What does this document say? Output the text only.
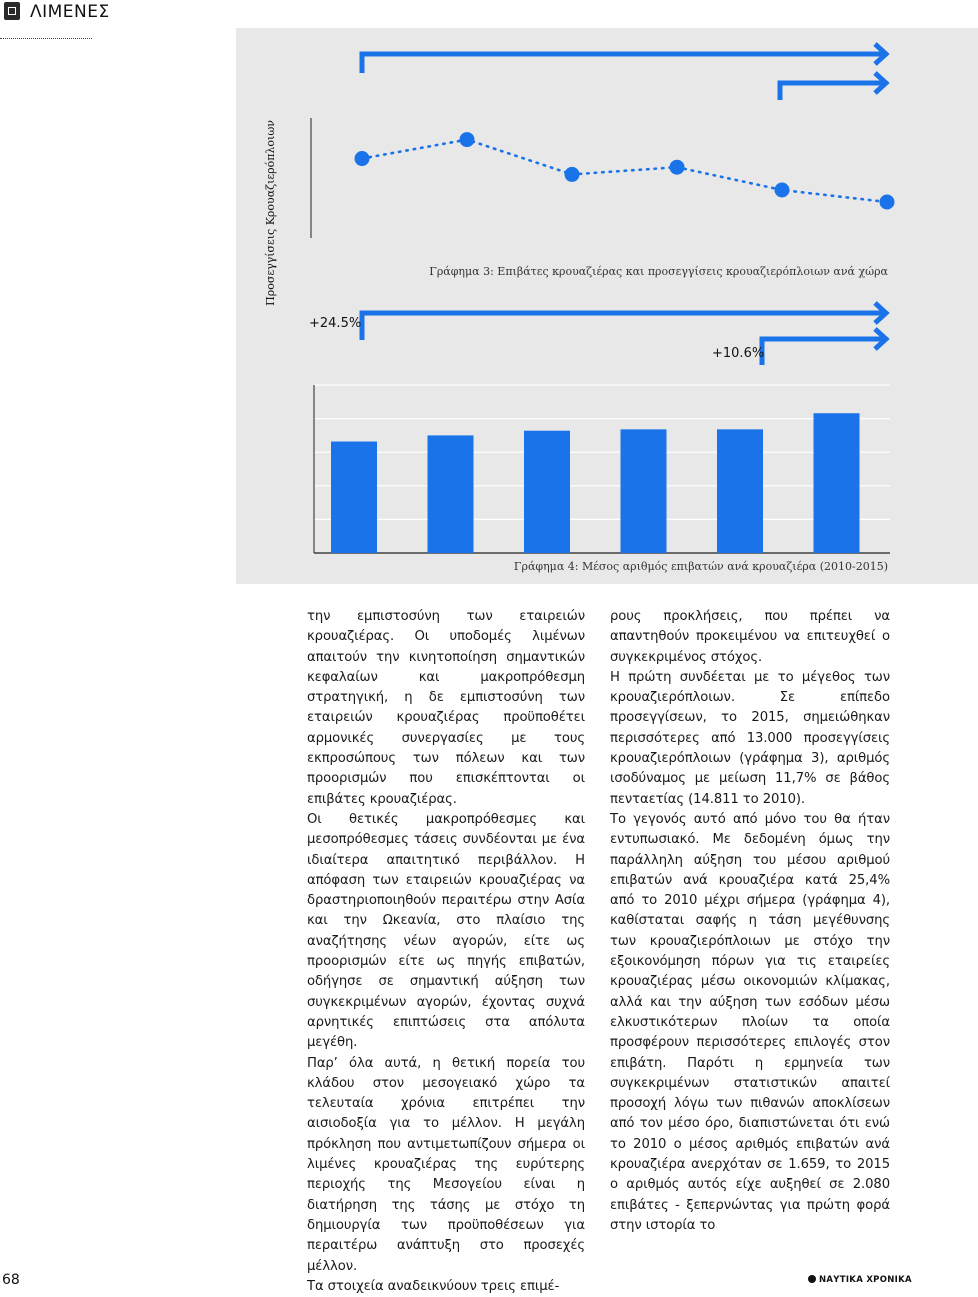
ΛΙΜΕΝΕΣ
Προσεγγίσεις Κρουαζιερόπλοιων	Γράφημα 3: Επιβάτες κρουαζιέρας και προσεγγίσεις κρουαζιερόπλοιων ανά χώρα
Γράφημα 4: Μέσος αριθμός επιβατών ανά κρουαζιέρα (2010-2015)
+24.5%
+10.6%

την εμπιστοσύνη των εταιρειών κρουαζιέρας. Οι υποδομές λιμένων απαιτούν την κινητοποίηση σημαντικών κεφαλαίων και μακροπρόθεσμη στρατηγική, η δε εμπιστοσύνη των εταιρειών κρουαζιέρας προϋποθέτει αρμονικές συνεργασίες με τους εκπροσώπους των πόλεων και των προορισμών που επισκέπτονται οι επιβάτες κρουαζιέρας.

Οι θετικές μακροπρόθεσμες και μεσοπρόθεσμες τάσεις συνδέονται με ένα ιδιαίτερα απαιτητικό περιβάλλον. Η απόφαση των εταιρειών κρουαζιέρας να δραστηριοποιηθούν περαιτέρω στην Ασία και την Ωκεανία, στο πλαίσιο της αναζήτησης νέων αγορών, είτε ως προορισμών είτε ως πηγής επιβατών, οδήγησε σε σημαντική αύξηση των συγκεκριμένων αγορών, έχοντας συχνά αρνητικές επιπτώσεις στα απόλυτα μεγέθη.

Παρ’ όλα αυτά, η θετική πορεία του κλάδου στον μεσογειακό χώρο τα τελευταία χρόνια επιτρέπει την αισιοδοξία για το μέλλον. Η μεγάλη πρόκληση που αντιμετωπίζουν σήμερα οι λιμένες κρουαζιέρας της ευρύτερης περιοχής της Μεσογείου είναι η διατήρηση της τάσης με στόχο τη δημιουργία των προϋποθέσεων για περαιτέρω ανάπτυξη στο προσεχές μέλλον.

Τα στοιχεία αναδεικνύουν τρεις επιμέ-

ρους προκλήσεις, που πρέπει να απαντηθούν προκειμένου να επιτευχθεί ο συγκεκριμένος στόχος.

Η πρώτη συνδέεται με το μέγεθος των κρουαζιερόπλοιων. Σε επίπεδο προσεγγίσεων, το 2015, σημειώθηκαν περισσότερες από 13.000 προσεγγίσεις κρουαζιερόπλοιων (γράφημα 3), αριθμός ισοδύναμος με μείωση 11,7% σε βάθος πενταετίας (14.811 το 2010).

Το γεγονός αυτό από μόνο του θα ήταν εντυπωσιακό. Με δεδομένη όμως την παράλληλη αύξηση του μέσου αριθμού επιβατών ανά κρουαζιέρα κατά 25,4% από το 2010 μέχρι σήμερα (γράφημα 4), καθίσταται σαφής η τάση μεγέθυνσης των κρουαζιερόπλοιων με στόχο την εξοικονόμηση πόρων για τις εταιρείες κρουαζιέρας μέσω οικονομιών κλίμακας, αλλά και την αύξηση των εσόδων μέσω ελκυστικότερων πλοίων τα οποία προσφέρουν περισσότερες επιλογές στον επιβάτη. Παρότι η ερμηνεία των συγκεκριμένων στατιστικών απαιτεί προσοχή λόγω των πιθανών αποκλίσεων από τον μέσο όρο, διαπιστώνεται ότι ενώ το 2010 ο μέσος αριθμός επιβατών ανά κρουαζιέρα ανερχόταν σε 1.659, το 2015 ο αριθμός αυτός είχε αυξηθεί σε 2.080 επιβάτες - ξεπερνώντας για πρώτη φορά στην ιστορία το

68	ΝΑΥΤΙΚΑ ΧΡΟΝΙΚΑ
